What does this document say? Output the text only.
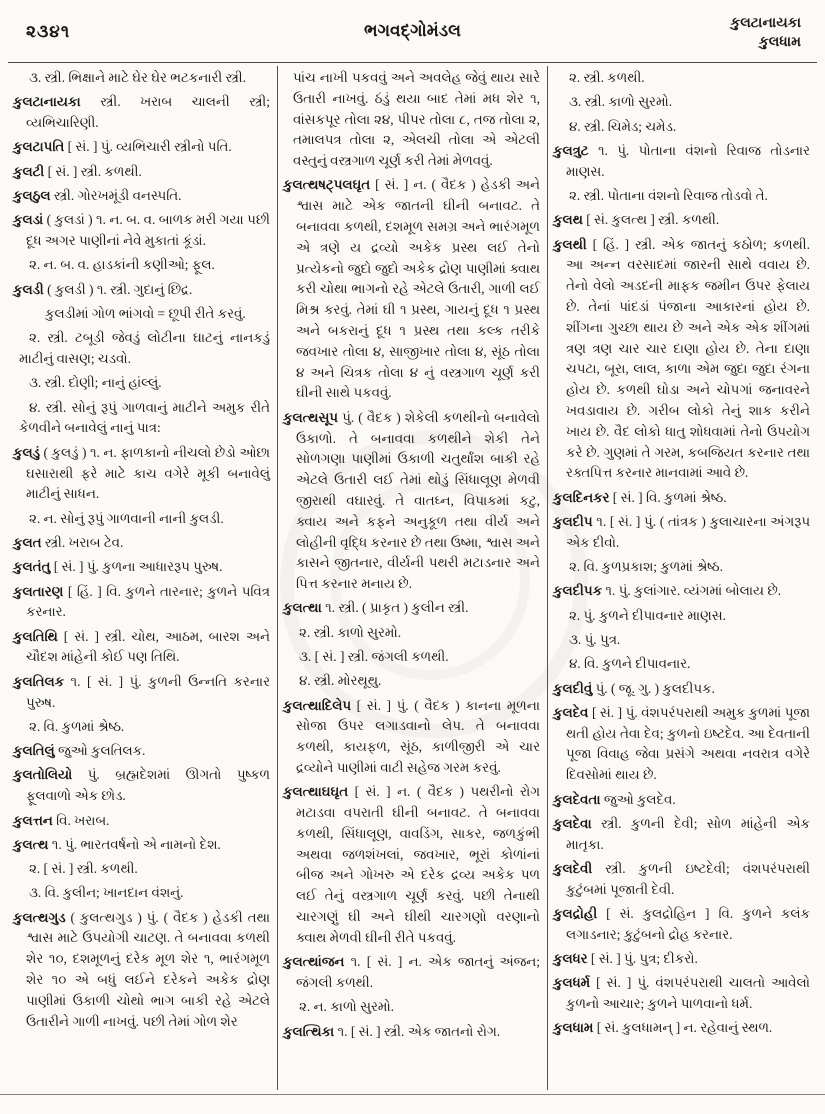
૨૩૪૧	ભગવદ્ગોમંડલ	કુલટાનાયકા
કુલધામ

૩. સ્ત્રી. ભિક્ષાને માટે ઘેર ઘેર ભટકનારી સ્ત્રી.

કુલટાનાયકા સ્ત્રી. ખરાબ ચાલની સ્ત્રી; વ્યભિચારિણી.

કુલટાપતિ [ સં. ] પું. વ્યભિચારી સ્ત્રીનો પતિ.

કુલટી [ સં. ] સ્ત્રી. કળથી.

કુલઠુલ સ્ત્રી. ગોરખમૂંડી વનસ્પતિ.

કુલડાં ( કુલડાં ) ૧. ન. બ. વ. બાળક મરી ગયા પછી દૂધ અગર પાણીનાં નેવે મુકાતાં કૂંડાં.

૨. ન. બ. વ. હાડકાંની કણીઓ; ફૂલ.

કુલડી ( કુલડી ) ૧. સ્ત્રી. ગુદાનું છિદ્ર.

કુલડીમાં ગોળ ભાંગવો = છૂપી રીતે કરવું.

૨. સ્ત્રી. ટબૂડી જેવડું લોટીના ઘાટનું નાનકડું માટીનું વાસણ; ચડવો.

૩. સ્ત્રી. દોણી; નાનું હાંલ્લું.

૪. સ્ત્રી. સોનું રૂપું ગાળવાનું માટીને અમુક રીતે કેળવીને બનાવેલું નાનું પાત્ર:

કુલડું ( કુલડું ) ૧. ન. ફાળકાનો નીચલો છેડો ઓછા ઘસારાથી ફરે માટે કાચ વગેરે મૂકી બનાવેલું માટીનું સાધન.

૨. ન. સોનું રૂપું ગાળવાની નાની કુલડી.

કુલત સ્ત્રી. ખરાબ ટેવ.

કુલતંતુ [ સં. ] પું. કુળના આધારરૂપ પુરુષ.

કુલતારણ [ હિં. ] વિ. કુળને તારનાર; કુળને પવિત્ર કરનાર.

કુલતિથિ [ સં. ] સ્ત્રી. ચોથ, આઠમ, બારશ અને ચૌદશ માંહેની કોઈ પણ તિથિ.

કુલતિલક ૧. [ સં. ] પું. કુળની ઉન્નતિ કરનાર પુરુષ.

૨. વિ. કુળમાં શ્રેષ્ઠ.

કુલતિલું જુઓ કુલતિલક.

કુલતોલિયો પું. બ્રહ્મદેશમાં ઊગતો પુષ્કળ ફૂલવાળો એક છોડ.

કુલત્તન વિ. ખરાબ.

કુલત્થ ૧. પું. ભારતવર્ષનો એ નામનો દેશ.

૨. [ સં. ] સ્ત્રી. કળથી.

૩. વિ. કુલીન; ખાનદાન વંશનું.

કુલત્થગુડ ( કુલત્થગુડ ) પું. ( વૈદક ) હેડકી તથા શ્વાસ માટે ઉપયોગી ચાટણ. તે બનાવવા કળથી શેર ૧૦, દશમૂળનું દરેક મૂળ શેર ૧, ભારંગમૂળ શેર ૧૦ એ બધું લઈને દરેકને અકેક દ્રોણ પાણીમાં ઉકાળી ચોથો ભાગ બાકી રહે એટલે ઉતારીને ગાળી નાખવું. પછી તેમાં ગોળ શેર

પાંચ નાખી પકવવું અને અવલેહ જેવું થાય સારે ઉતારી નાખવું. ઠંડું થયા બાદ તેમાં મધ શેર ૧, વાંસકપૂર તોલા ૨૪, પીપર તોલા ૮, તજ તોલા ૨, તમાલપત્ર તોલા ૨, એલચી તોલા એ એટલી વસ્તુનું વસ્ત્રગાળ ચૂર્ણ કરી તેમાં મેળવવું.

કુલત્થષટ્પલઘૃત [ સં. ] ન. ( વૈદક ) હેડકી અને શ્વાસ માટે એક જાતની ઘીની બનાવટ. તે બનાવવા કળથી, દશમૂળ સમગ્ર અને ભારંગમૂળ એ ત્રણે ય દ્રવ્યો અકેક પ્રસ્થ લઈ તેનો પ્રત્યેકનો જુદો જુદો અકેક દ્રોણ પાણીમાં ક્વાથ કરી ચોથા ભાગનો રહે એટલે ઉતારી, ગાળી લઈ મિશ્ર કરવું. તેમાં ઘી ૧ પ્રસ્થ, ગાયનું દૂધ ૧ પ્રસ્થ અને બકરાનું દૂધ ૧ પ્રસ્થ તથા કલ્ક તરીકે જવખાર તોલા ૪, સાજીખાર તોલા ૪, સૂંઠ તોલા ૪ અને ચિત્રક તોલા ૪ નું વસ્ત્રગાળ ચૂર્ણ કરી ઘીની સાથે પકવવું.

કુલત્થસૂપ પું. ( વૈદક ) શેકેલી કળથીનો બનાવેલો ઉકાળો. તે બનાવવા કળથીને શેકી તેને સોળગણા પાણીમાં ઉકાળી ચતુર્થાંશ બાકી રહે એટલે ઉતારી લઈ તેમાં થોડું સિંધાલૂણ મેળવી જીરાથી વઘારવું. તે વાતઘ્ન, વિપાકમાં કટુ, ક્વાય અને કફને અનુકૂળ તથા વીર્ય અને લોહીની વૃદ્ધિ કરનાર છે તથા ઉષ્મા, શ્વાસ અને કાસને જીતનાર, વીર્યની પથરી મટાડનાર અને પિત્ત કરનાર મનાય છે.

કુલત્થા ૧. સ્ત્રી. ( પ્રાકૃત ) કુલીન સ્ત્રી.

૨. સ્ત્રી. કાળો સુરમો.

૩. [ સં. ] સ્ત્રી. જંગલી કળથી.

૪. સ્ત્રી. મોરથૂથુ.

કુલત્થાદિલેપ [ સં. ] પું. ( વૈદક ) કાનના મૂળના સોજા ઉપર લગાડવાનો લેપ. તે બનાવવા કળથી, કાયફળ, સૂંઠ, કાળીજીરી એ ચાર દ્રવ્યોને પાણીમાં વાટી સહેજ ગરમ કરવું.

કુલત્થાઘઘૃત [ સં. ] ન. ( વૈદક ) પથરીનો રોગ મટાડવા વપરાતી ઘીની બનાવટ. તે બનાવવા કળથી, સિંધાલૂણ, વાવડિંગ, સાકર, જળકુંભી અથવા જળશંખલાં, જવખાર, ભૂરાં કોળાંનાં બીજ અને ગોખરુ એ દરેક દ્રવ્ય અકેક પળ લઈ તેનું વસ્ત્રગાળ ચૂર્ણ કરવું. પછી તેનાથી ચારગણું ઘી અને ઘીથી ચારગણો વરણાનો ક્વાથ મેળવી ઘીની રીતે પકવવું.

કુલત્થાંજન ૧. [ સં. ] ન. એક જાતનું અંજન; જંગલી કળથી.

૨. ન. કાળો સુરમો.

કુલત્થિકા ૧. [ સં. ] સ્ત્રી. એક જાતનો રોગ.

૨. સ્ત્રી. કળથી.

૩. સ્ત્રી. કાળો સુરમો.

૪. સ્ત્રી. ચિમેડ; ચમેડ.

કુલત્રુટ ૧. પું. પોતાના વંશનો રિવાજ તોડનાર માણસ.

૨. સ્ત્રી. પોતાના વંશનો રિવાજ તોડવો તે.

કુલથ [ સં. કુલત્થ ] સ્ત્રી. કળથી.

કુલથી [ હિં. ] સ્ત્રી. એક જાતનું કઠોળ; કળથી. આ અન્ન વરસાદમાં જારની સાથે વવાય છે. તેનો વેલો અડદની માફક જમીન ઉપર ફેલાય છે. તેનાં પાંદડાં પંજાના આકારનાં હોય છે. શીંગના ગુચ્છા થાય છે અને એક એક શીંગમાં ત્રણ ત્રણ ચાર ચાર દાણા હોય છે. તેના દાણા ચપટા, બૂરા, લાલ, કાળા એમ જુદા જુદા રંગના હોય છે. કળથી ઘોડા અને ચોપગાં જનાવરને ખવડાવાય છે. ગરીબ લોકો તેનું શાક કરીને ખાય છે. વૈદ લોકો ધાતુ શોધવામાં તેનો ઉપયોગ કરે છે. ગુણમાં તે ગરમ, કબજિયત કરનાર તથા રક્તપિત્ત કરનાર માનવામાં આવે છે.

કુલદિનકર [ સં. ] વિ. કુળમાં શ્રેષ્ઠ.

કુલદીપ ૧. [ સં. ] પું. ( તાંત્રક ) કુલાચારના અંગરૂપ એક દીવો.

૨. વિ. કુળપ્રકાશ; કુળમાં શ્રેષ્ઠ.

કુલદીપક ૧. પું. કુલાંગાર. વ્યંગમાં બોલાય છે.

૨. પું. કુળને દીપાવનાર માણસ.

૩. પું. પુત્ર.

૪. વિ. કુળને દીપાવનાર.

કુલદીવું પું. ( જૂ. ગુ. ) કુલદીપક.

કુલદેવ [ સં. ] પું. વંશપરંપરાથી અમુક કુળમાં પૂજા થતી હોય તેવા દેવ; કુળનો ઇષ્ટદેવ. આ દેવતાની પૂજા વિવાહ જેવા પ્રસંગે અથવા નવરાત્ર વગેરે દિવસોમાં થાય છે.

કુલદેવતા જુઓ કુલદેવ.

કુલદેવા સ્ત્રી. કુળની દેવી; સોળ માંહેની એક માતૃકા.

કુલદેવી સ્ત્રી. કુળની ઇષ્ટદેવી; વંશપરંપરાથી કુટુંબમાં પૂજાતી દેવી.

કુલદ્રોહી [ સં. કુલદ્રોહિન ] વિ. કુળને કલંક લગાડનાર; કુટુંબનો દ્રોહ કરનાર.

કુલધર [ સં. ] પું. પુત્ર; દીકરો.

કુલધર્મ [ સં. ] પું. વંશપરંપરાથી ચાલતો આવેલો કુળનો આચાર; કુળને પાળવાનો ધર્મ.

કુલધામ [ સં. કુલધામન્ ] ન. રહેવાનું સ્થળ.
